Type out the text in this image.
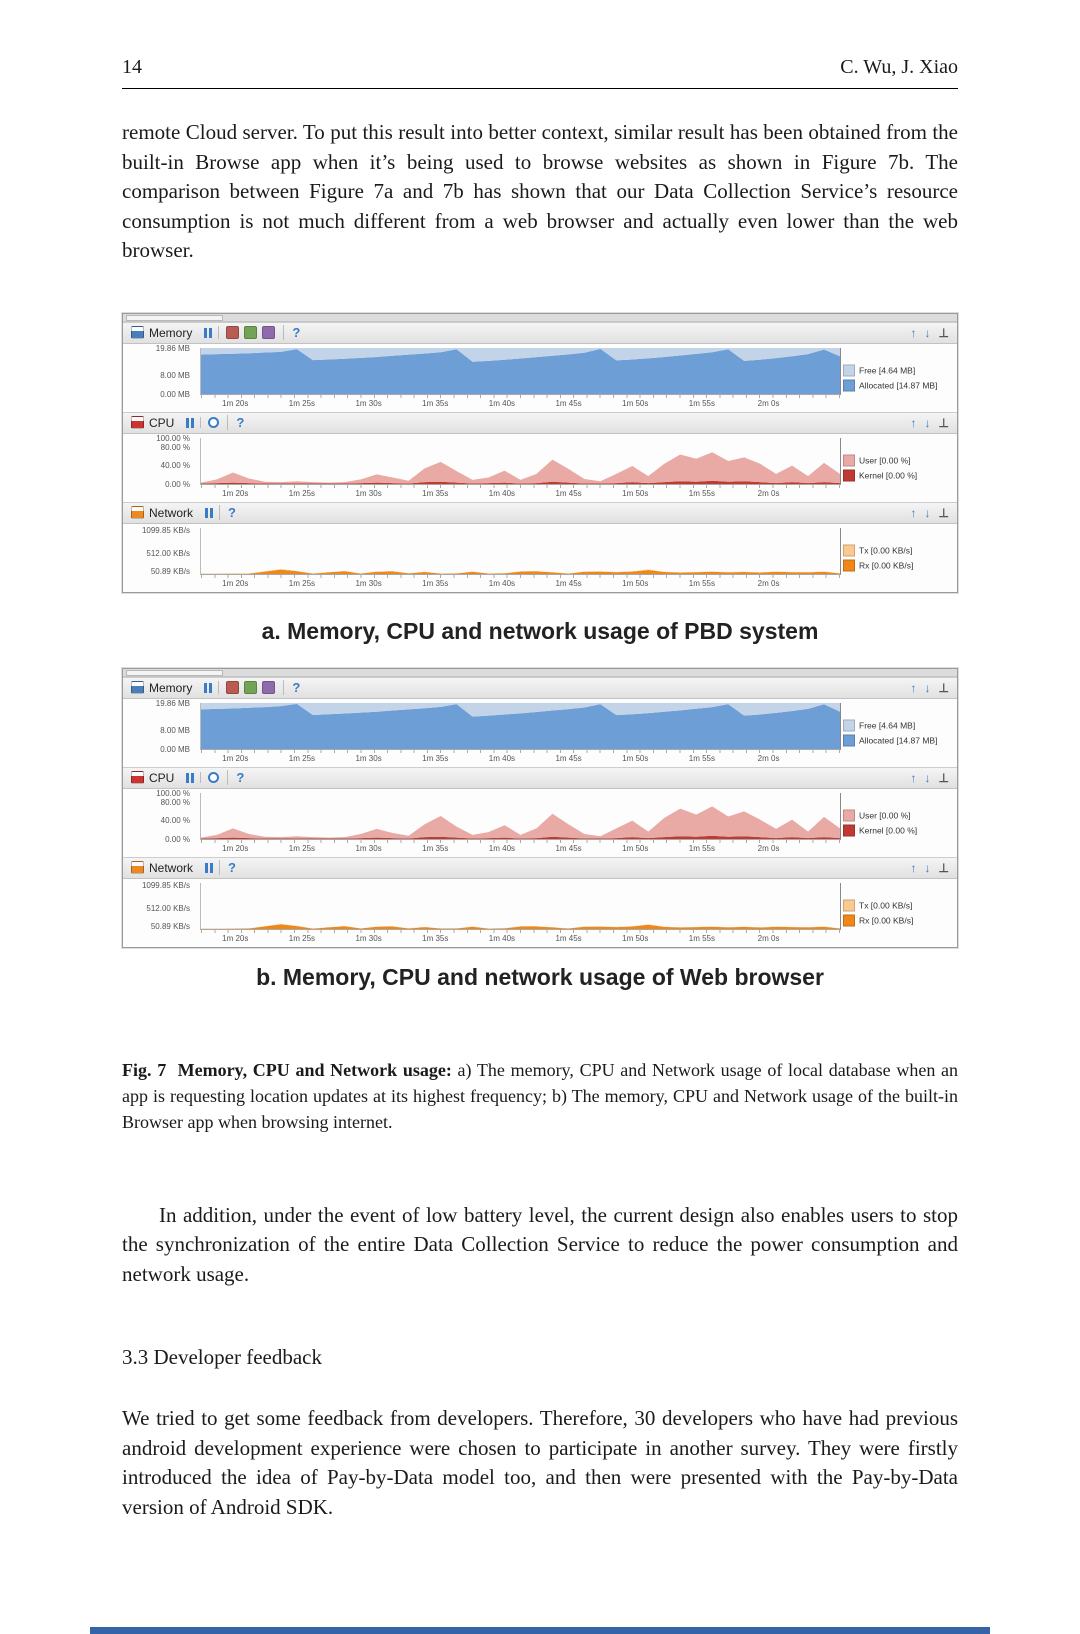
14	C. Wu, J. Xiao

remote Cloud server. To put this result into better context, similar result has been obtained from the built-in Browse app when it’s being used to browse websites as shown in Figure 7b. The comparison between Figure 7a and 7b has shown that our Data Collection Service’s resource consumption is not much different from a web browser and actually even lower than the web browser.

Memory	?	↑ ↓ ⊥
19.86 MB
8.00 MB
0.00 MB
1m 20s	1m 25s	1m 30s	1m 35s	1m 40s	1m 45s	1m 50s	1m 55s	2m 0s
Free [4.64 MB]
Allocated [14.87 MB]
CPU	?	↑ ↓ ⊥
100.00 %
80.00 %
40.00 %
0.00 %
1m 20s	1m 25s	1m 30s	1m 35s	1m 40s	1m 45s	1m 50s	1m 55s	2m 0s
User [0.00 %]
Kernel [0.00 %]
Network	?	↑ ↓ ⊥
1099.85 KB/s
512.00 KB/s
50.89 KB/s
1m 20s	1m 25s	1m 30s	1m 35s	1m 40s	1m 45s	1m 50s	1m 55s	2m 0s
Tx [0.00 KB/s]
Rx [0.00 KB/s]
a. Memory, CPU and network usage of PBD system
Memory	?	↑ ↓ ⊥
19.86 MB
8.00 MB
0.00 MB
1m 20s	1m 25s	1m 30s	1m 35s	1m 40s	1m 45s	1m 50s	1m 55s	2m 0s
Free [4.64 MB]
Allocated [14.87 MB]
CPU	?	↑ ↓ ⊥
100.00 %
80.00 %
40.00 %
0.00 %
1m 20s	1m 25s	1m 30s	1m 35s	1m 40s	1m 45s	1m 50s	1m 55s	2m 0s
User [0.00 %]
Kernel [0.00 %]
Network	?	↑ ↓ ⊥
1099.85 KB/s
512.00 KB/s
50.89 KB/s
1m 20s	1m 25s	1m 30s	1m 35s	1m 40s	1m 45s	1m 50s	1m 55s	2m 0s
Tx [0.00 KB/s]
Rx [0.00 KB/s]
b. Memory, CPU and network usage of Web browser

Fig. 7 Memory, CPU and Network usage: a) The memory, CPU and Network usage of local database when an app is requesting location updates at its highest frequency; b) The memory, CPU and Network usage of the built-in Browser app when browsing internet.

In addition, under the event of low battery level, the current design also enables users to stop the synchronization of the entire Data Collection Service to reduce the power consumption and network usage.

3.3 Developer feedback

We tried to get some feedback from developers. Therefore, 30 developers who have had previous android development experience were chosen to participate in another survey. They were firstly introduced the idea of Pay-by-Data model too, and then were presented with the Pay-by-Data version of Android SDK.
